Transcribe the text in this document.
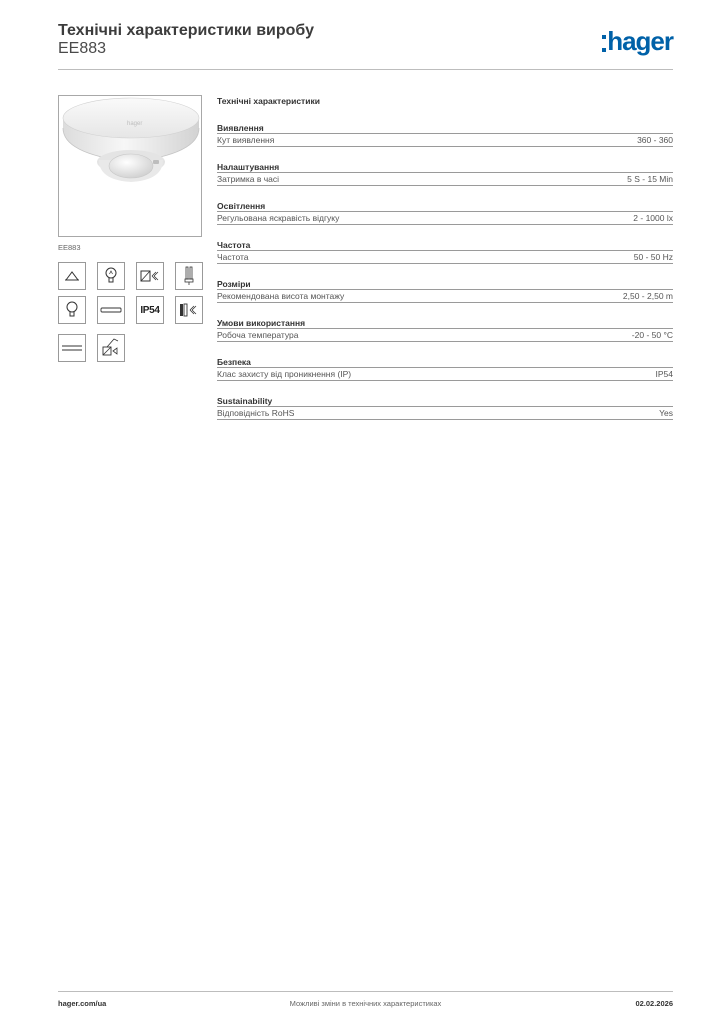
Технічні характеристики виробу
EE883	hager
hager
EE883
IP54
Технічні характеристики
Виявлення
Кут виявлення	360 - 360
Налаштування
Затримка в часі	5 S - 15 Min
Освітлення
Регульована яскравість відгуку	2 - 1000 lx
Частота
Частота	50 - 50 Hz
Розміри
Рекомендована висота монтажу	2,50 - 2,50 m
Умови використання
Робоча температура	-20 - 50 °C
Безпека
Клас захисту від проникнення (IP)	IP54
Sustainability
Відповідність RoHS	Yes
hager.com/ua	Можливі зміни в технічних характеристиках	02.02.2026
